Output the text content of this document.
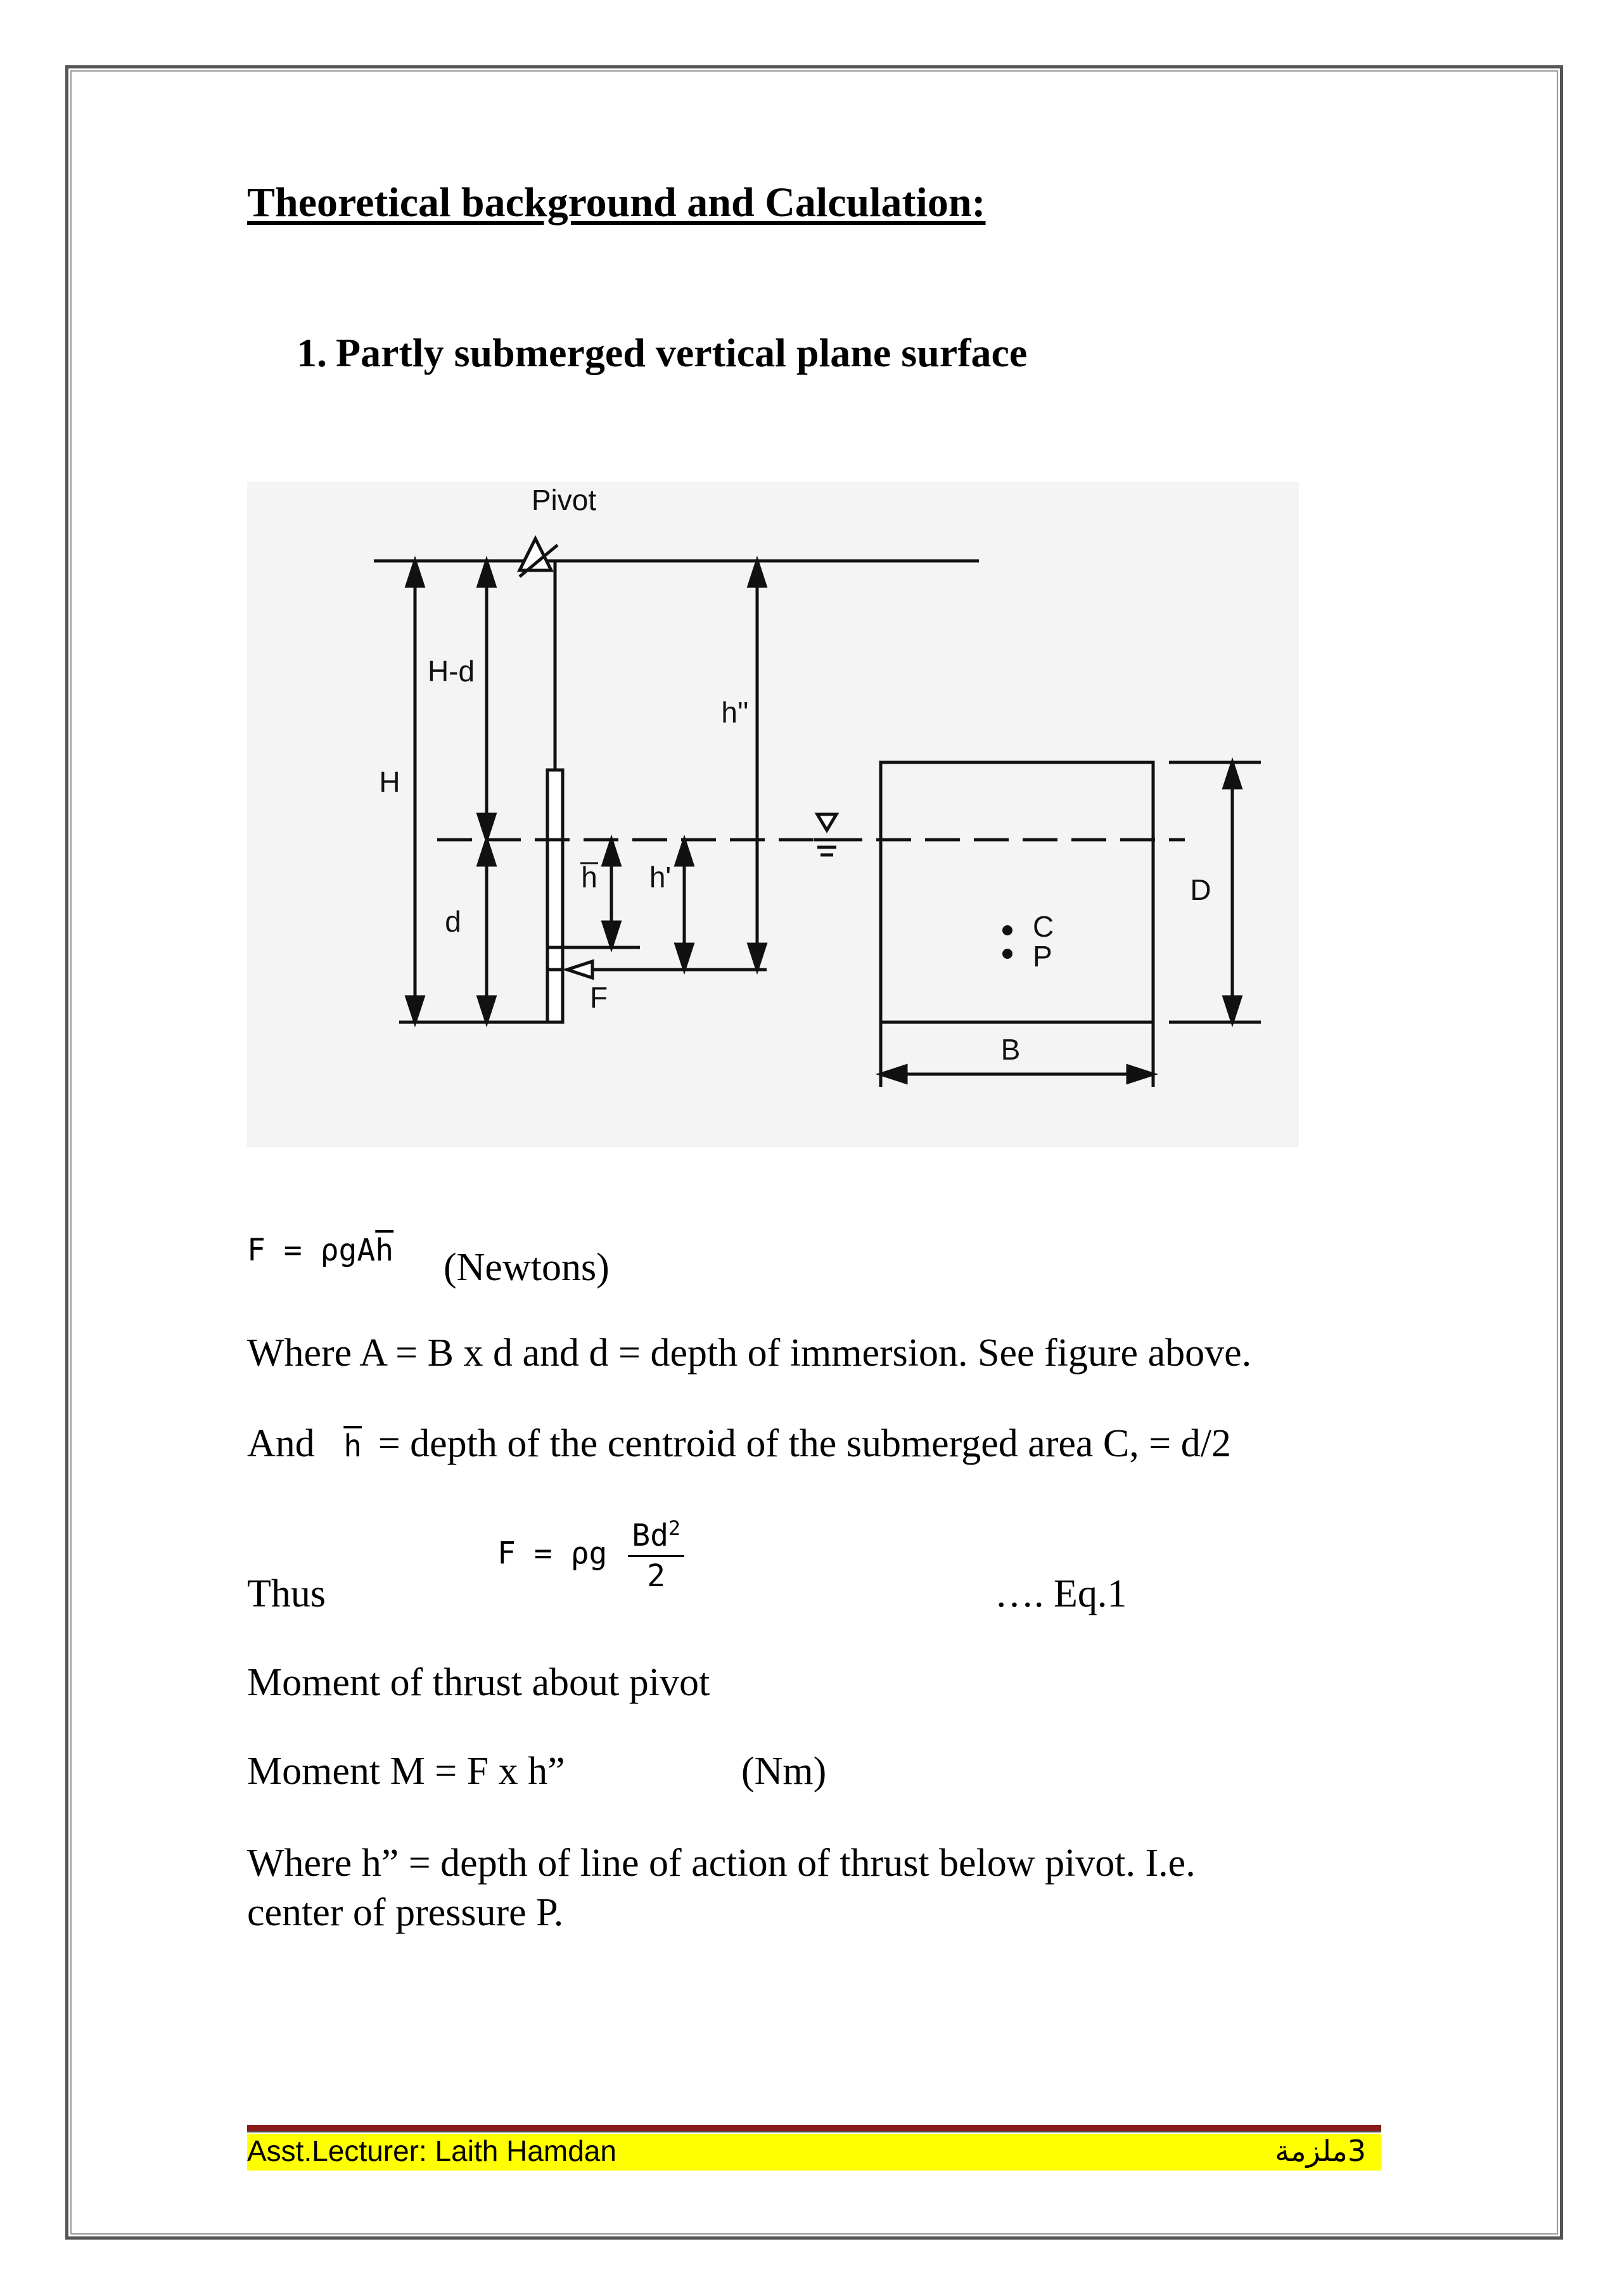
Theoretical background and Calculation:
1. Partly submerged vertical plane surface
Pivot
H-d
H
d
h h'
h''
F
C
P
D
B
$F = \rho gA\overline{h}$ (Newtons)
Where A = B x d and d = depth of immersion. See figure above.
And $\overline{h}$ = depth of the centroid of the submerged area C, = d/2
Thus
F = ρg $\frac{Bd^2}{2}$
…. Eq.1
Moment of thrust about pivot
Moment M = F x h”	(Nm)
Where h” = depth of line of action of thrust below pivot. I.e.
center of pressure P.
Asst.Lecturer: Laith Hamdan	3ملزمة
